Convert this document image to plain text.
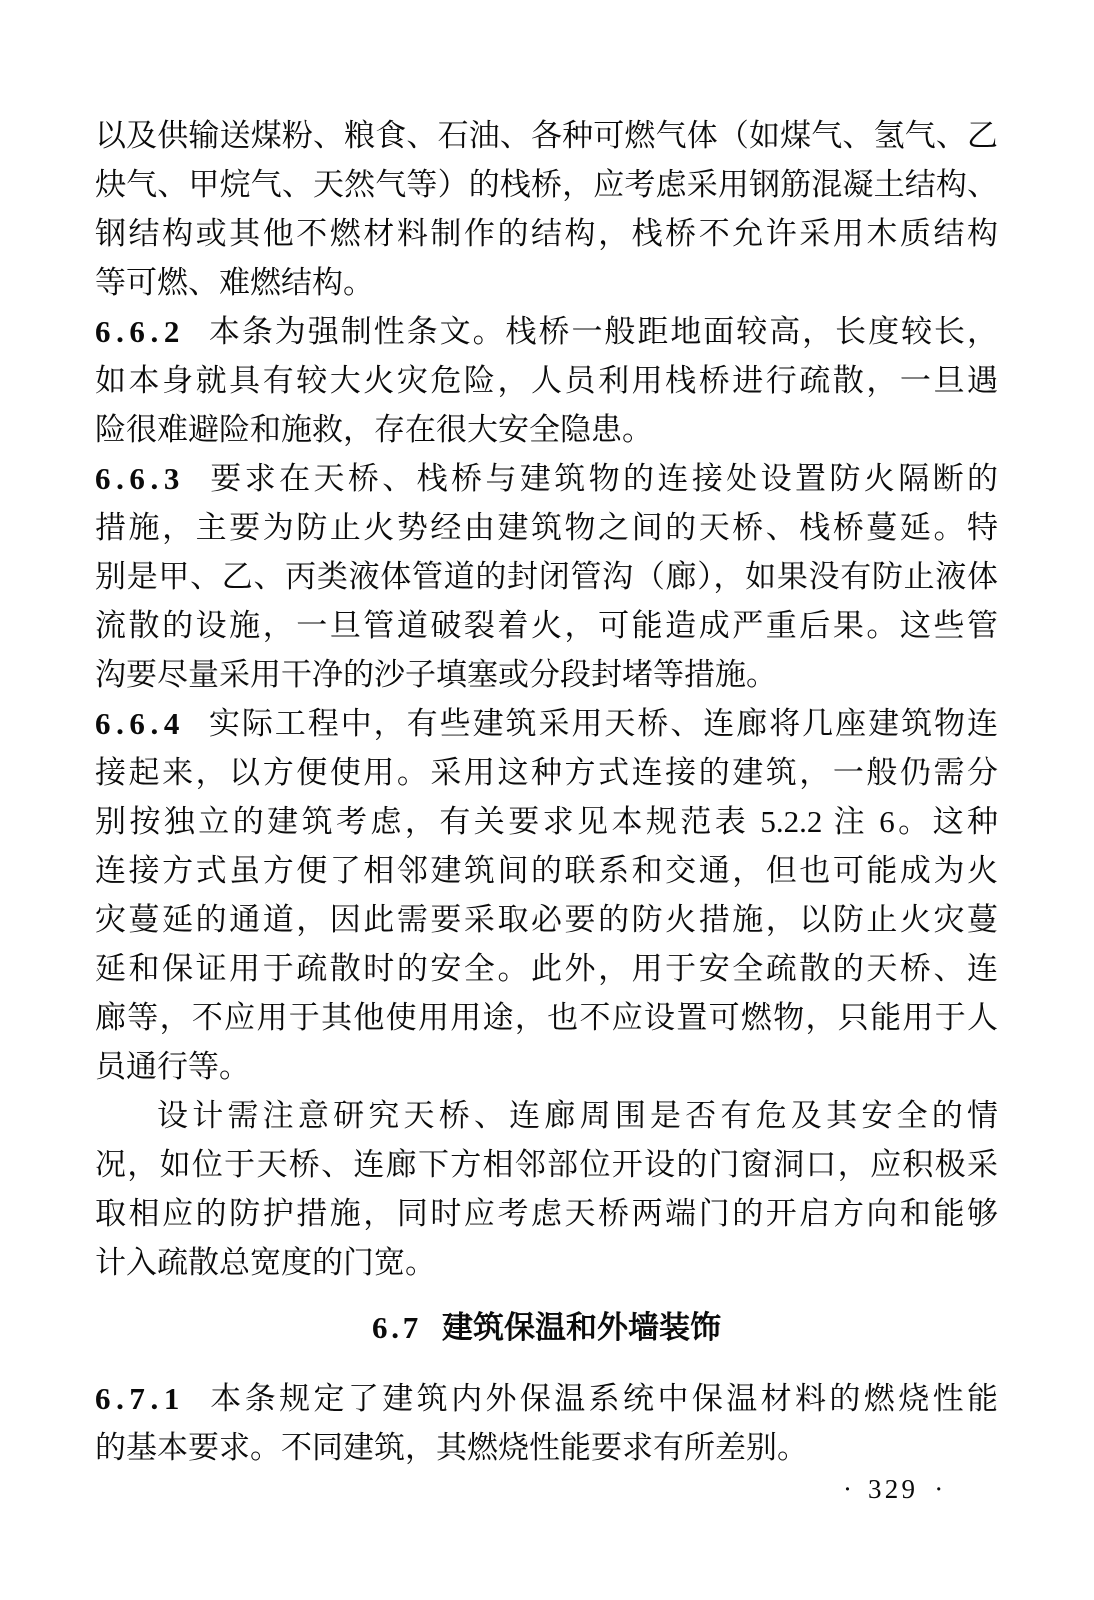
以及供输送煤粉、粮食、石油、各种可燃气体（如煤气、氢气、乙
炔气、甲烷气、天然气等）的栈桥，应考虑采用钢筋混凝土结构、
钢结构或其他不燃材料制作的结构，栈桥不允许采用木质结构
等可燃、难燃结构。
6.6.2 本条为强制性条文。栈桥一般距地面较高，长度较长，
如本身就具有较大火灾危险，人员利用栈桥进行疏散，一旦遇
险很难避险和施救，存在很大安全隐患。
6.6.3 要求在天桥、栈桥与建筑物的连接处设置防火隔断的
措施，主要为防止火势经由建筑物之间的天桥、栈桥蔓延。特
别是甲、乙、丙类液体管道的封闭管沟（廊），如果没有防止液体
流散的设施，一旦管道破裂着火，可能造成严重后果。这些管
沟要尽量采用干净的沙子填塞或分段封堵等措施。
6.6.4 实际工程中，有些建筑采用天桥、连廊将几座建筑物连
接起来，以方便使用。采用这种方式连接的建筑，一般仍需分
别按独立的建筑考虑，有关要求见本规范表 5.2.2 注 6。这种
连接方式虽方便了相邻建筑间的联系和交通，但也可能成为火
灾蔓延的通道，因此需要采取必要的防火措施，以防止火灾蔓
延和保证用于疏散时的安全。此外，用于安全疏散的天桥、连
廊等，不应用于其他使用用途，也不应设置可燃物，只能用于人
员通行等。
设计需注意研究天桥、连廊周围是否有危及其安全的情
况，如位于天桥、连廊下方相邻部位开设的门窗洞口，应积极采
取相应的防护措施，同时应考虑天桥两端门的开启方向和能够
计入疏散总宽度的门宽。
6.7 建筑保温和外墙装饰
6.7.1 本条规定了建筑内外保温系统中保温材料的燃烧性能
的基本要求。不同建筑，其燃烧性能要求有所差别。
· 329 ·
